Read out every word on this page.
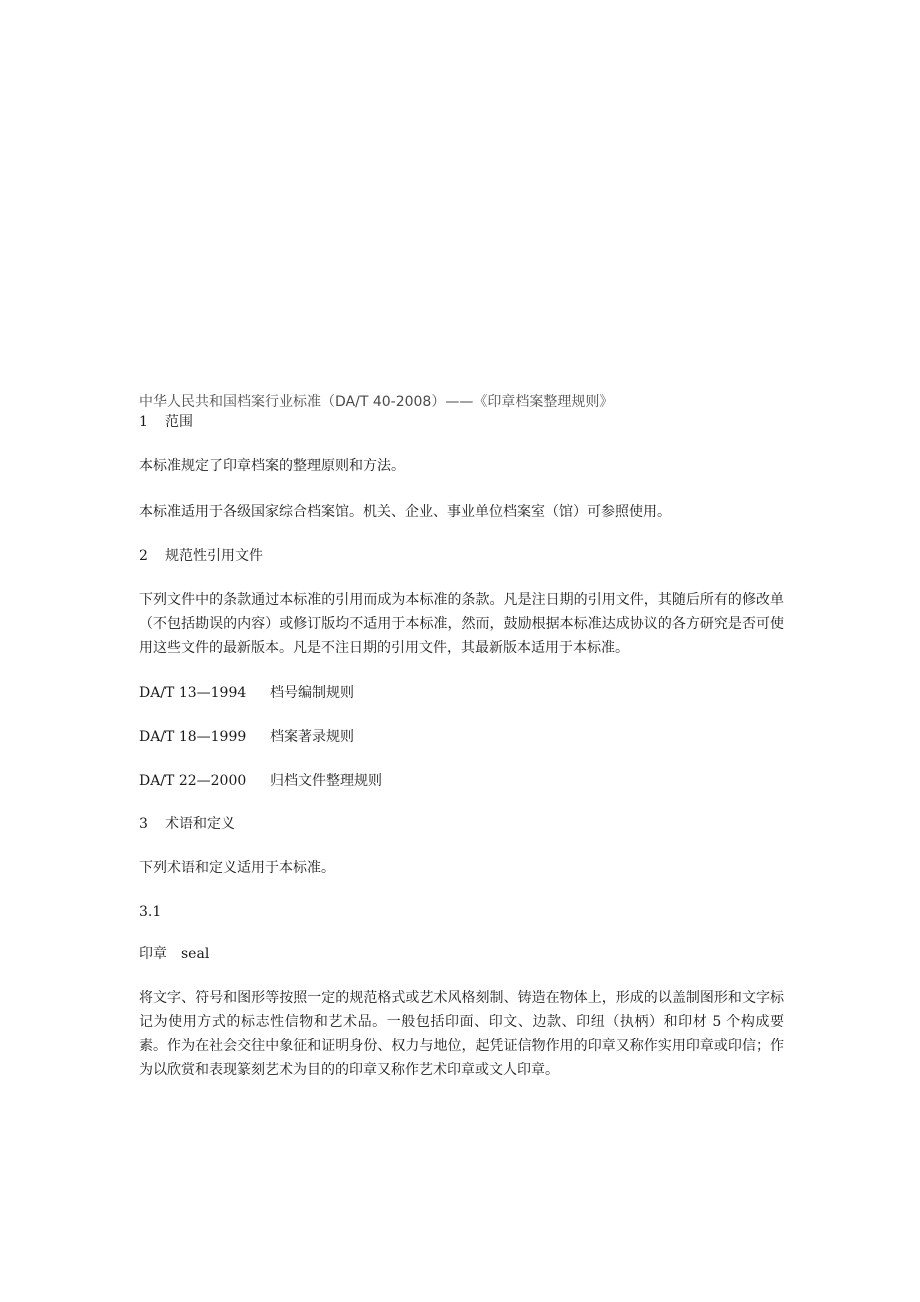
中华人民共和国档案行业标准（DA/T 40-2008）——《印章档案整理规则》
1 范围

本标准规定了印章档案的整理原则和方法。

本标准适用于各级国家综合档案馆。机关、企业、事业单位档案室（馆）可参照使用。

2 规范性引用文件

下列文件中的条款通过本标准的引用而成为本标准的条款。凡是注日期的引用文件，其随后所有的修改单（不包括勘误的内容）或修订版均不适用于本标准，然而，鼓励根据本标准达成协议的各方研究是否可使用这些文件的最新版本。凡是不注日期的引用文件，其最新版本适用于本标准。

DA/T 13—1994	档号编制规则
DA/T 18—1999	档案著录规则
DA/T 22—2000	归档文件整理规则
3 术语和定义

下列术语和定义适用于本标准。

3.1
印章 seal

将文字、符号和图形等按照一定的规范格式或艺术风格刻制、铸造在物体上，形成的以盖制图形和文字标记为使用方式的标志性信物和艺术品。一般包括印面、印文、边款、印纽（执柄）和印材 5 个构成要素。作为在社会交往中象征和证明身份、权力与地位，起凭证信物作用的印章又称作实用印章或印信；作为以欣赏和表现篆刻艺术为目的的印章又称作艺术印章或文人印章。
